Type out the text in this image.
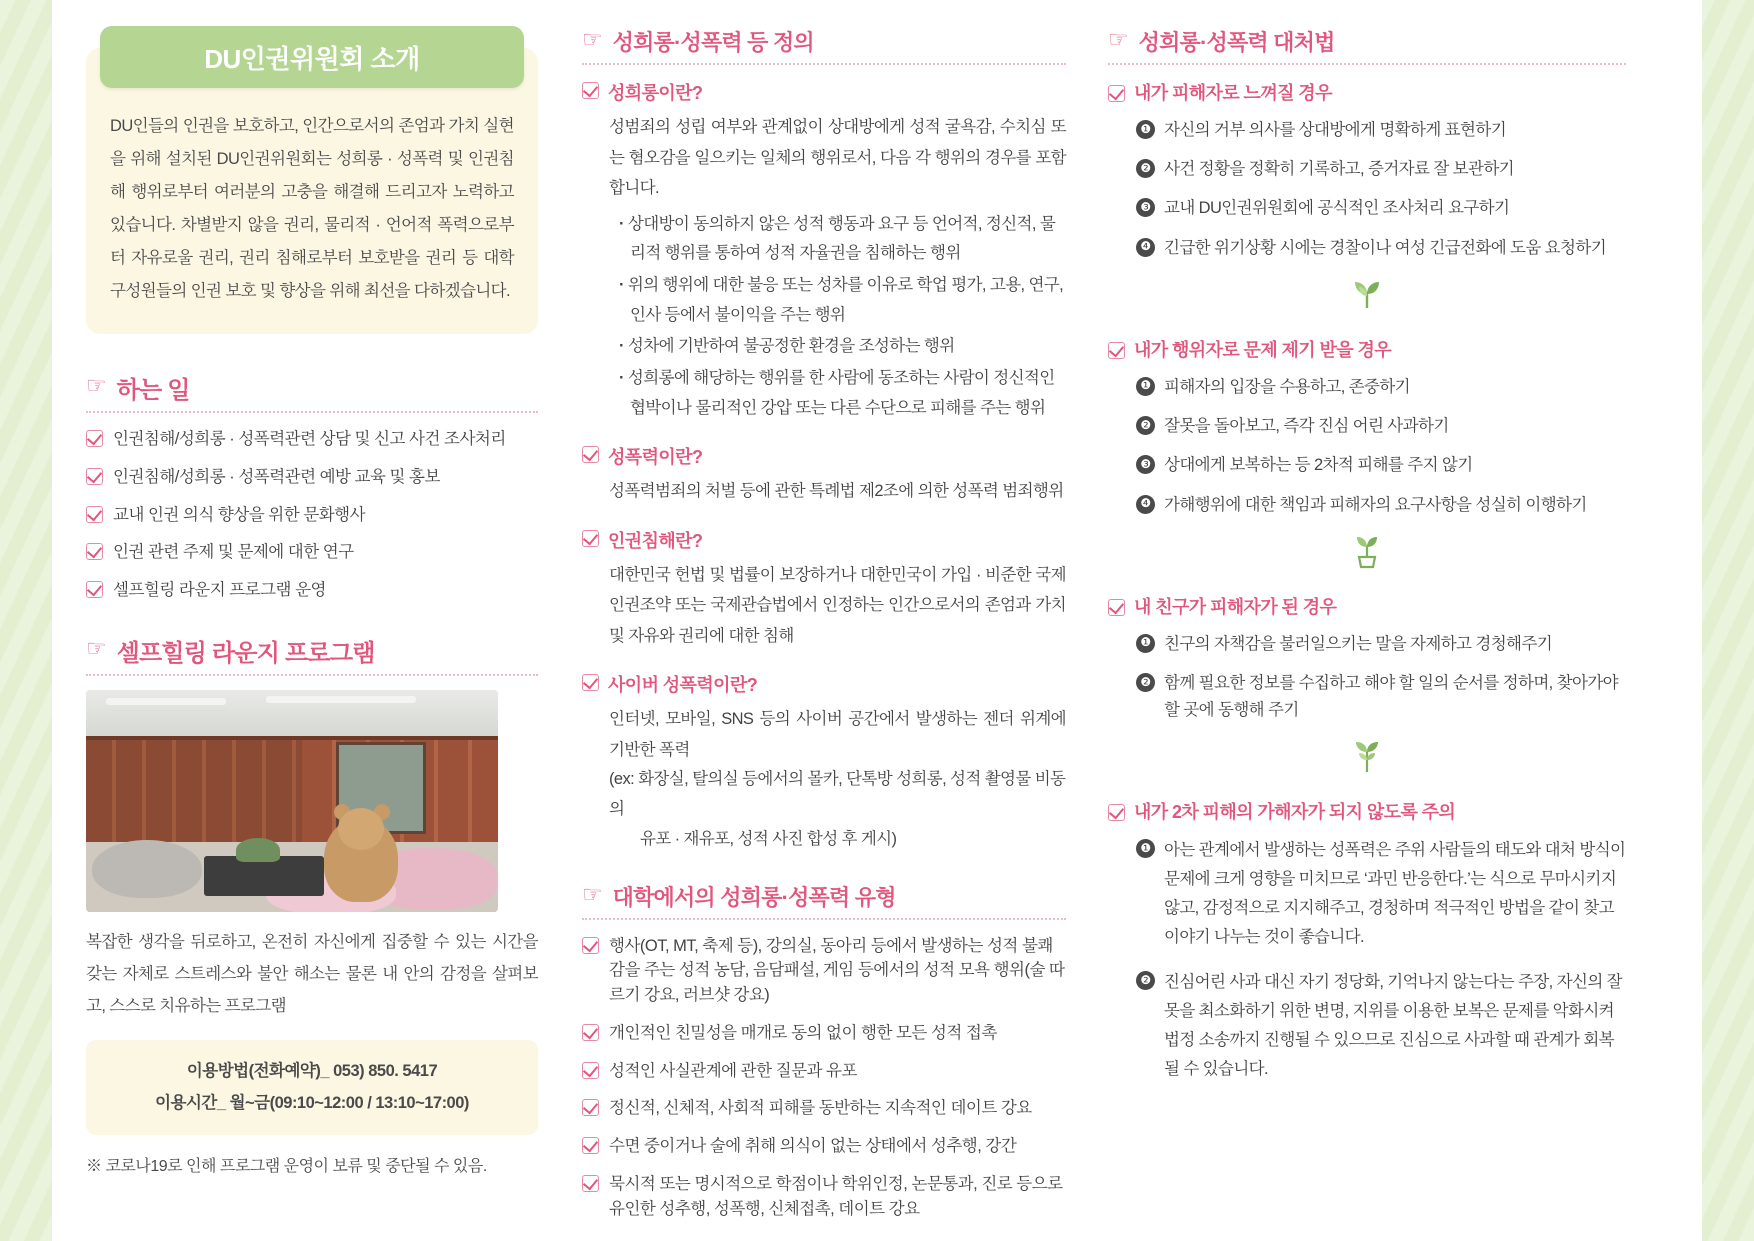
DU인권위원회 소개
DU인들의 인권을 보호하고, 인간으로서의 존엄과 가치 실현을 위해 설치된 DU인권위원회는 성희롱 · 성폭력 및 인권침해 행위로부터 여러분의 고충을 해결해 드리고자 노력하고 있습니다. 차별받지 않을 권리, 물리적 · 언어적 폭력으로부터 자유로울 권리, 권리 침해로부터 보호받을 권리 등 대학 구성원들의 인권 보호 및 향상을 위해 최선을 다하겠습니다.
☞ 하는 일
인권침해/성희롱 · 성폭력관련 상담 및 신고 사건 조사처리
인권침해/성희롱 · 성폭력관련 예방 교육 및 홍보
교내 인권 의식 향상을 위한 문화행사
인권 관련 주제 및 문제에 대한 연구
셀프힐링 라운지 프로그램 운영
☞ 셀프힐링 라운지 프로그램
복잡한 생각을 뒤로하고, 온전히 자신에게 집중할 수 있는 시간을 갖는 자체로 스트레스와 불안 해소는 물론 내 안의 감정을 살펴보고, 스스로 치유하는 프로그램
이용방법(전화예약)_ 053) 850. 5417
이용시간_ 월~금(09:10~12:00 / 13:10~17:00)
※ 코로나19로 인해 프로그램 운영이 보류 및 중단될 수 있음.
☞ 성희롱·성폭력 등 정의
성희롱이란?
성범죄의 성립 여부와 관계없이 상대방에게 성적 굴욕감, 수치심 또는 혐오감을 일으키는 일체의 행위로서, 다음 각 행위의 경우를 포함합니다.
· 상대방이 동의하지 않은 성적 행동과 요구 등 언어적, 정신적, 물리적 행위를 통하여 성적 자율권을 침해하는 행위
· 위의 행위에 대한 불응 또는 성차를 이유로 학업 평가, 고용, 연구, 인사 등에서 불이익을 주는 행위
· 성차에 기반하여 불공정한 환경을 조성하는 행위
· 성희롱에 해당하는 행위를 한 사람에 동조하는 사람이 정신적인 협박이나 물리적인 강압 또는 다른 수단으로 피해를 주는 행위
성폭력이란?
성폭력범죄의 처벌 등에 관한 특례법 제2조에 의한 성폭력 범죄행위
인권침해란?
대한민국 헌법 및 법률이 보장하거나 대한민국이 가입 · 비준한 국제인권조약 또는 국제관습법에서 인정하는 인간으로서의 존엄과 가치 및 자유와 권리에 대한 침해
사이버 성폭력이란?
인터넷, 모바일, SNS 등의 사이버 공간에서 발생하는 젠더 위계에 기반한 폭력
(ex: 화장실, 탈의실 등에서의 몰카, 단톡방 성희롱, 성적 촬영물 비동의
유포 · 재유포, 성적 사진 합성 후 게시)
☞ 대학에서의 성희롱·성폭력 유형
행사(OT, MT, 축제 등), 강의실, 동아리 등에서 발생하는 성적 불쾌감을 주는 성적 농담, 음담패설, 게임 등에서의 성적 모욕 행위(술 따르기 강요, 러브샷 강요)
개인적인 친밀성을 매개로 동의 없이 행한 모든 성적 접촉
성적인 사실관계에 관한 질문과 유포
정신적, 신체적, 사회적 피해를 동반하는 지속적인 데이트 강요
수면 중이거나 술에 취해 의식이 없는 상태에서 성추행, 강간
묵시적 또는 명시적으로 학점이나 학위인정, 논문통과, 진로 등으로 유인한 성추행, 성폭행, 신체접촉, 데이트 강요
☞ 성희롱·성폭력 대처법
내가 피해자로 느껴질 경우
❶ 자신의 거부 의사를 상대방에게 명확하게 표현하기
❷ 사건 정황을 정확히 기록하고, 증거자료 잘 보관하기
❸ 교내 DU인권위원회에 공식적인 조사처리 요구하기
❹ 긴급한 위기상황 시에는 경찰이나 여성 긴급전화에 도움 요청하기
내가 행위자로 문제 제기 받을 경우
❶ 피해자의 입장을 수용하고, 존중하기
❷ 잘못을 돌아보고, 즉각 진심 어린 사과하기
❸ 상대에게 보복하는 등 2차적 피해를 주지 않기
❹ 가해행위에 대한 책임과 피해자의 요구사항을 성실히 이행하기
내 친구가 피해자가 된 경우
❶ 친구의 자책감을 불러일으키는 말을 자제하고 경청해주기
❷ 함께 필요한 정보를 수집하고 해야 할 일의 순서를 정하며, 찾아가야 할 곳에 동행해 주기
내가 2차 피해의 가해자가 되지 않도록 주의
❶ 아는 관계에서 발생하는 성폭력은 주위 사람들의 태도와 대처 방식이 문제에 크게 영향을 미치므로 ‘과민 반응한다.’는 식으로 무마시키지 않고, 감정적으로 지지해주고, 경청하며 적극적인 방법을 같이 찾고 이야기 나누는 것이 좋습니다.
❷ 진심어린 사과 대신 자기 정당화, 기억나지 않는다는 주장, 자신의 잘못을 최소화하기 위한 변명, 지위를 이용한 보복은 문제를 악화시켜 법정 소송까지 진행될 수 있으므로 진심으로 사과할 때 관계가 회복될 수 있습니다.
